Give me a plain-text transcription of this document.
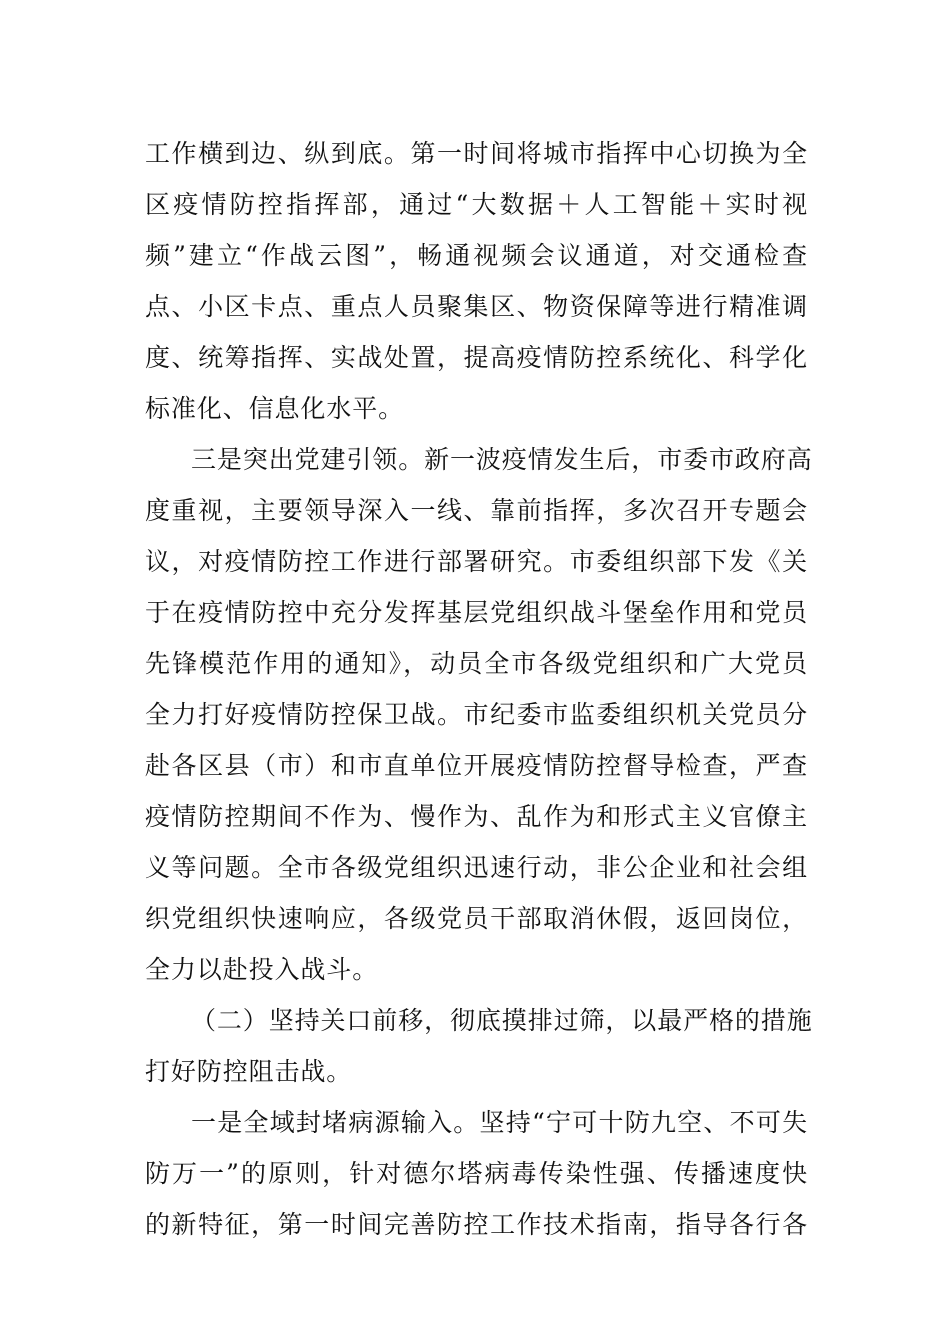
工作横到边、纵到底。第一时间将城市指挥中心切换为全
区疫情防控指挥部，通过“大数据＋人工智能＋实时视
频”建立“作战云图”，畅通视频会议通道，对交通检查
点、小区卡点、重点人员聚集区、物资保障等进行精准调
度、统筹指挥、实战处置，提高疫情防控系统化、科学化
标准化、信息化水平。
三是突出党建引领。新一波疫情发生后，市委市政府高
度重视，主要领导深入一线、靠前指挥，多次召开专题会
议，对疫情防控工作进行部署研究。市委组织部下发《关
于在疫情防控中充分发挥基层党组织战斗堡垒作用和党员
先锋模范作用的通知》，动员全市各级党组织和广大党员
全力打好疫情防控保卫战。市纪委市监委组织机关党员分
赴各区县（市）和市直单位开展疫情防控督导检查，严查
疫情防控期间不作为、慢作为、乱作为和形式主义官僚主
义等问题。全市各级党组织迅速行动，非公企业和社会组
织党组织快速响应，各级党员干部取消休假，返回岗位，
全力以赴投入战斗。
（二）坚持关口前移，彻底摸排过筛，以最严格的措施
打好防控阻击战。
一是全域封堵病源输入。坚持“宁可十防九空、不可失
防万一”的原则，针对德尔塔病毒传染性强、传播速度快
的新特征，第一时间完善防控工作技术指南，指导各行各
